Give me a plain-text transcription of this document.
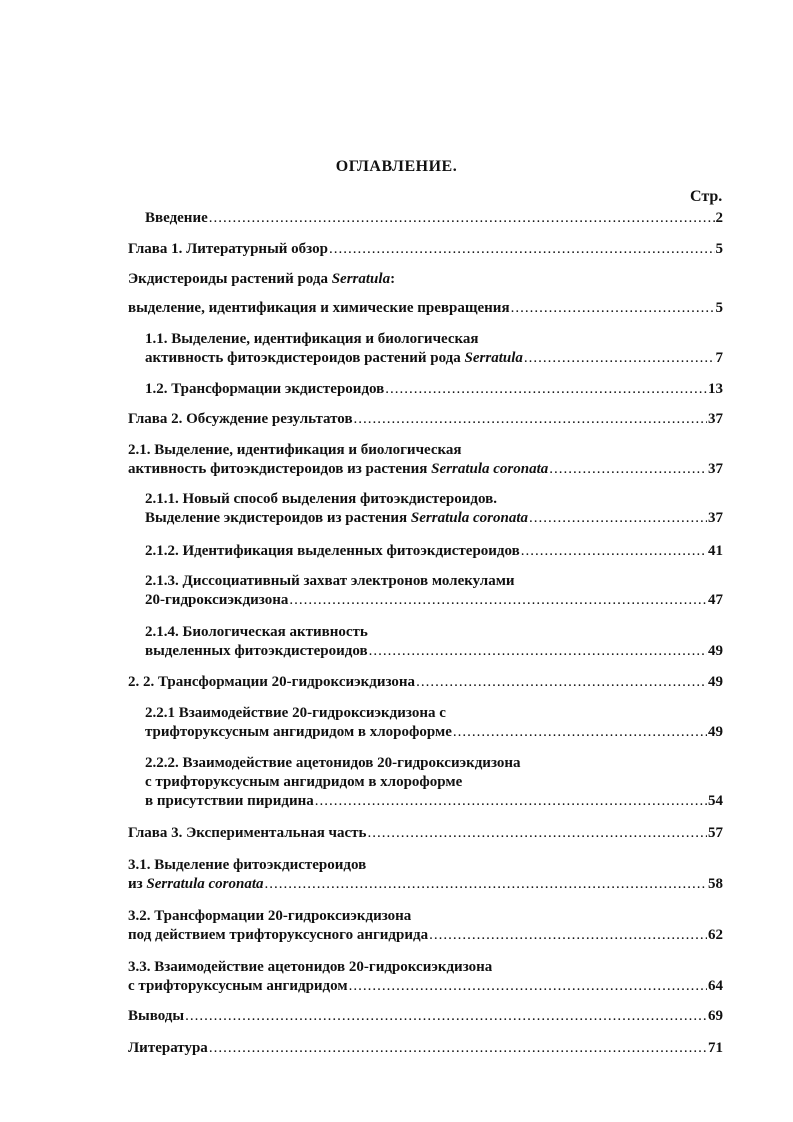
ОГЛАВЛЕНИЕ.
Стр.
Введение .....	2
Глава 1. Литературный обзор .....	5
Экдистероиды растений рода Serratula:
выделение, идентификация и химические превращения .....	5
1.1. Выделение, идентификация и биологическая
активность фитоэкдистероидов растений рода Serratula .....	7
1.2. Трансформации экдистероидов .....	13
Глава 2. Обсуждение результатов .....	37
2.1. Выделение, идентификация и биологическая
активность фитоэкдистероидов из растения Serratula coronata .....	37
2.1.1. Новый способ выделения фитоэкдистероидов.
Выделение экдистероидов из растения Serratula coronata .....	37
2.1.2. Идентификация выделенных фитоэкдистероидов .....	41
2.1.3. Диссоциативный захват электронов молекулами
20-гидроксиэкдизона .....	47
2.1.4. Биологическая активность
выделенных фитоэкдистероидов .....	49
2. 2. Трансформации 20-гидроксиэкдизона .....	49
2.2.1 Взаимодействие 20-гидроксиэкдизона с
трифторуксусным ангидридом в хлороформе .....	49
2.2.2. Взаимодействие ацетонидов 20-гидроксиэкдизона
с трифторуксусным ангидридом в хлороформе
в присутствии пиридина .....	54
Глава 3. Экспериментальная часть .....	57
3.1. Выделение фитоэкдистероидов
из Serratula coronata .....	58
3.2. Трансформации 20-гидроксиэкдизона
под действием трифторуксусного ангидрида .....	62
3.3. Взаимодействие ацетонидов 20-гидроксиэкдизона
с трифторуксусным ангидридом .....	64
Выводы .....	69
Литература .....	71
